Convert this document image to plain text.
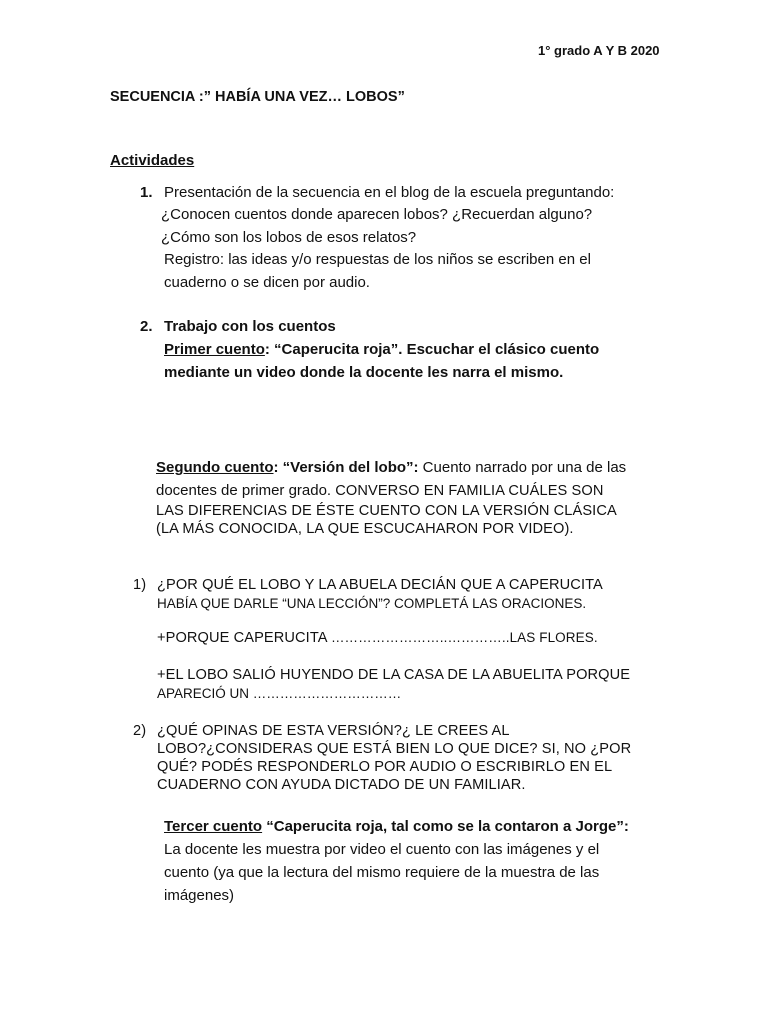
1° grado A Y B 2020
SECUENCIA :” HABÍA UNA VEZ… LOBOS”
Actividades
1. Presentación de la secuencia en el blog de la escuela preguntando:
¿Conocen cuentos donde aparecen lobos? ¿Recuerdan alguno?
¿Cómo son los lobos de esos relatos?
Registro: las ideas y/o respuestas de los niños se escriben en el
cuaderno o se dicen por audio.
2. Trabajo con los cuentos
Primer cuento: “Caperucita roja”. Escuchar el clásico cuento
mediante un video donde la docente les narra el mismo.
Segundo cuento: “Versión del lobo”: Cuento narrado por una de las
docentes de primer grado. CONVERSO EN FAMILIA CUÁLES SON
LAS DIFERENCIAS DE ÉSTE CUENTO CON LA VERSIÓN CLÁSICA
(LA MÁS CONOCIDA, LA QUE ESCUCAHARON POR VIDEO).
1) ¿POR QUÉ EL LOBO Y LA ABUELA DECIÁN QUE A CAPERUCITA
HABÍA QUE DARLE “UNA LECCIÓN”? COMPLETÁ LAS ORACIONES.
+PORQUE CAPERUCITA ……………………..…………..LAS FLORES.
+EL LOBO SALIÓ HUYENDO DE LA CASA DE LA ABUELITA PORQUE
APARECIÓ UN ……………………………
2) ¿QUÉ OPINAS DE ESTA VERSIÓN?¿ LE CREES AL
LOBO?¿CONSIDERAS QUE ESTÁ BIEN LO QUE DICE? SI, NO ¿POR
QUÉ? PODÉS RESPONDERLO POR AUDIO O ESCRIBIRLO EN EL
CUADERNO CON AYUDA DICTADO DE UN FAMILIAR.
Tercer cuento “Caperucita roja, tal como se la contaron a Jorge”:
La docente les muestra por video el cuento con las imágenes y el
cuento (ya que la lectura del mismo requiere de la muestra de las
imágenes)
